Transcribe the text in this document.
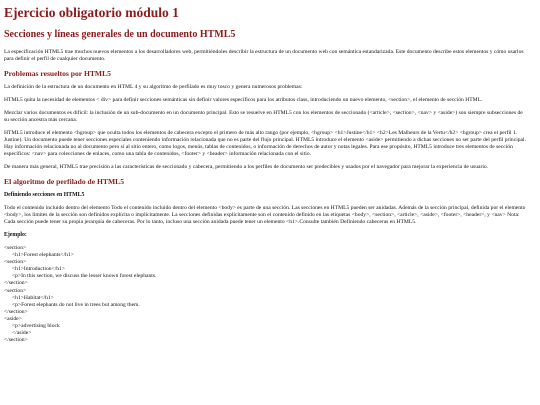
Ejercicio obligatorio módulo 1
Secciones y líneas generales de un documento HTML5

La especificación HTML5 trae muchos nuevos elementos a los desarrolladores web, permitiéndoles describir la estructura de un documento web con semántica estandarizada. Este documento describe estos elementos y cómo usarlos para definir el perfil de cualquier documento.

Problemas resueltos por HTML5

La definición de la estructura de un documento en HTML 4 y su algoritmo de perfilado es muy tosco y genera numerosos problemas:

HTML5 quita la necesidad de elementos < div> para definir secciones semánticas sin definir valores específicos para los atributos class, introduciendo un nuevo elemento, <section>, el elemento de sección HTML.

Mezclar varios documentos es difícil: la inclusión de un sub-documento en un documento principal. Esto se resuelve en HTML5 con los elementos de seccionado (<article>, <section>, <nav> y <aside>) son siempre subsecciones de su sección ancestra más cercana.

HTML5 introduce el elemento <hgroup> que oculta todos los elementos de cabecera excepto el primero de más alto rango (por ejemplo, <hgroup> <h1>Justine</h1> <h2>Les Malheurs de la Vertu</h2> <hgroup> crea el perfil 1. Justine). Un documento puede tener secciones especiales conteniendo información relacionada que no es parte del flujo principal. HTML5 introduce el elemento <aside> permitiendo a dichas secciones no ser parte del perfil principal. Hay información relacionada no al documento pero sí al sitio entero, como logos, menús, tablas de contenidos, o información de derechos de autor y notas legales. Para ese propósito, HTML5 introduce tres elementos de sección específicos: <nav> para colecciones de enlaces, como una tabla de contenidos, <footer> y <header> información relacionada con el sitio.

De manera más general, HTML5 trae precisión a las características de seccionado y cabecera, permitiendo a los perfiles de documento ser predecibles y usados por el navegador para mejorar la experiencia de usuario.

El algoritmo de perfilado de HTML5
Definiendo secciones en HTML5

Todo el contenido incluido dentro del elemento Todo el contenido incluido dentro del elemento <body> es parte de una sección. Las secciones en HTML5 pueden ser anidadas. Además de la sección principal, definida por el elemento <body>, los límites de la sección son definidos explícita o implícitamente. La secciones definidas explícitamente son el contenido definido en las etiquetas <body>, <section>, <article>, <aside>, <footer>, <header>, y <nav> Nota: Cada sección puede tener su propia jerarquía de cabeceras. Por lo tanto, incluso una sección anidada puede tener un elemento <h1>.Consulte también Definiendo cabeceras en HTML5.

Ejemplo:
<section>
<h1>Forest elephants</h1>
<section>
<h1>Introduction</h1>
<p>In this section, we discuss the lesser known forest elephants.
</section>
<section>
<h1>Habitat</h1>
<p>Forest elephants do not live in trees but among them.
</section>
<aside>
<p>advertising block
</aside>
</section>
